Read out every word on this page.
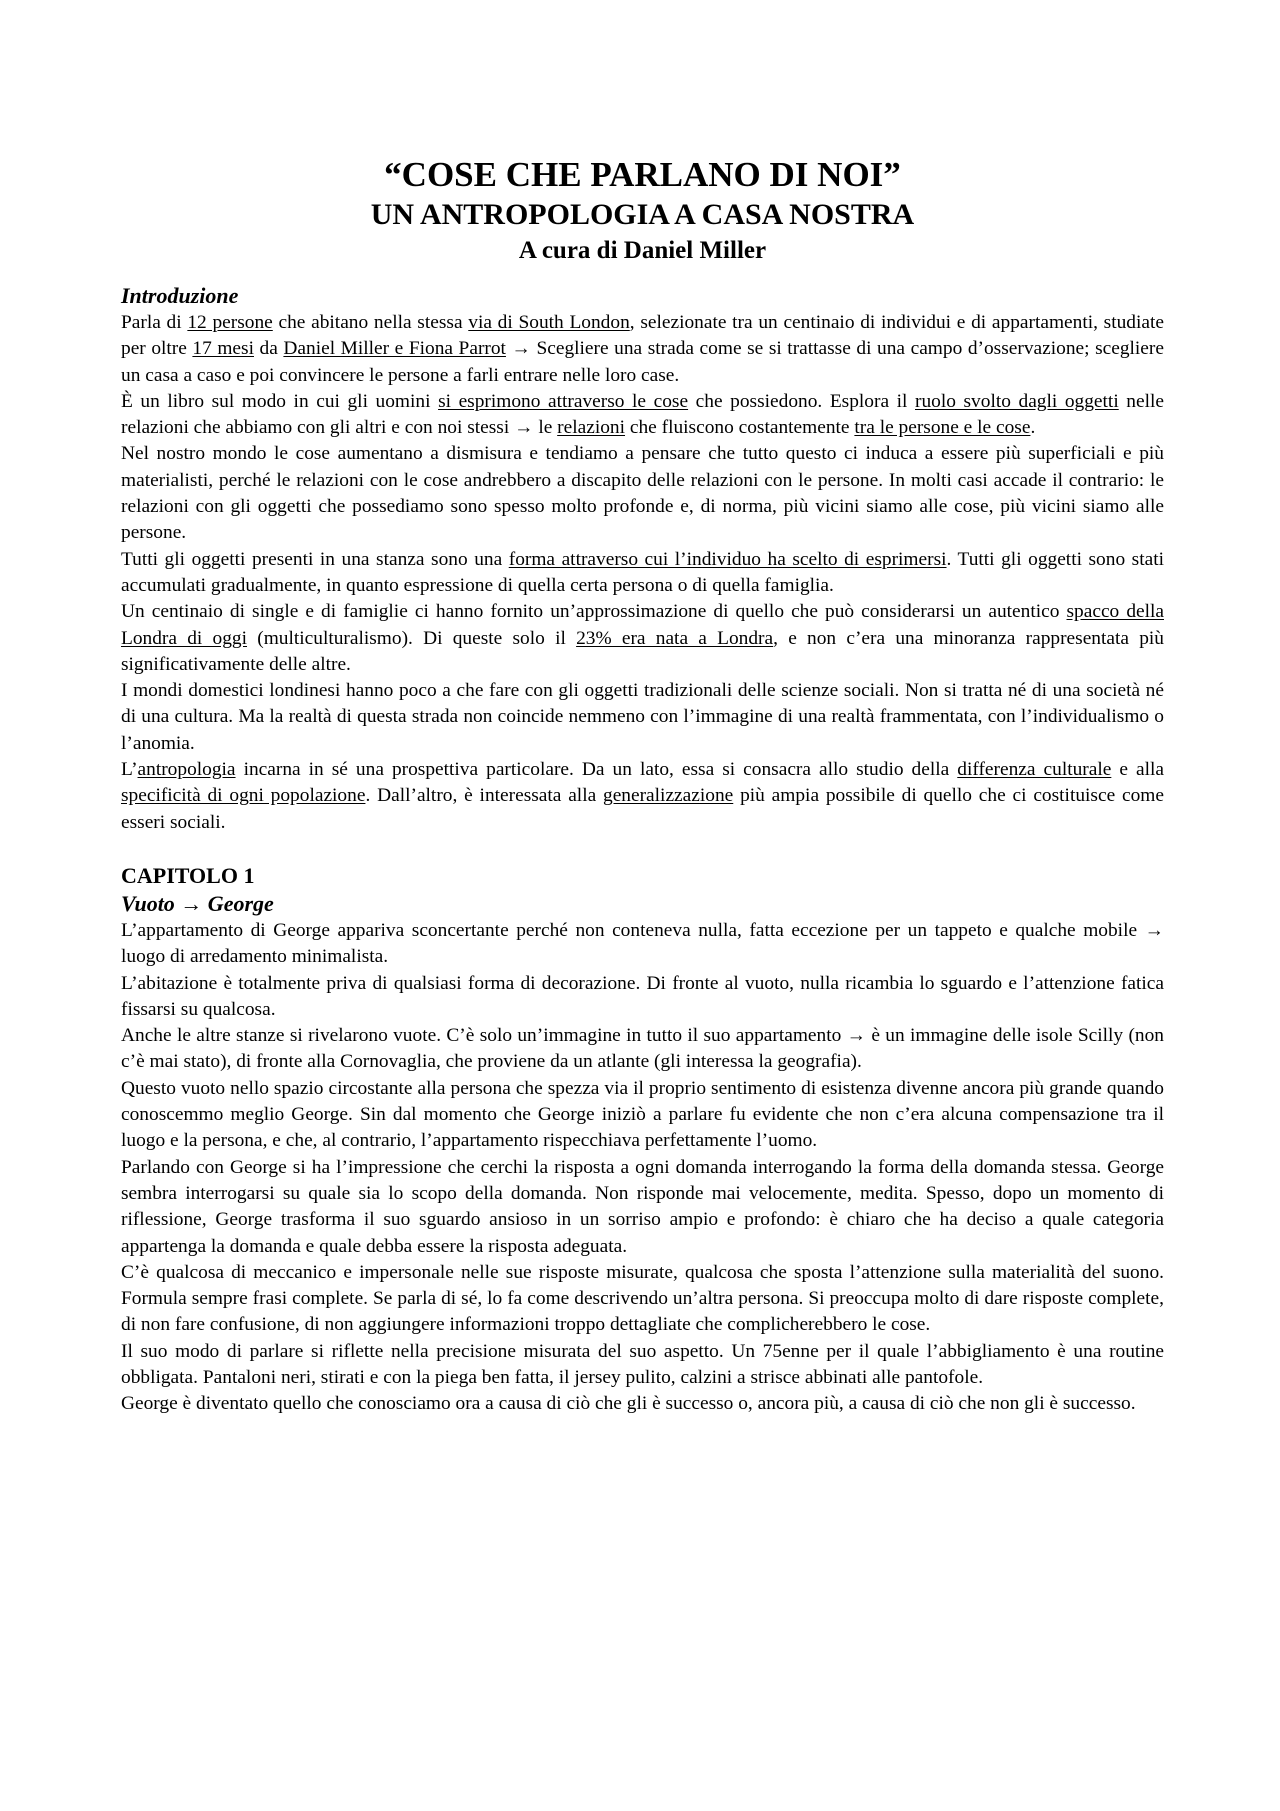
“COSE CHE PARLANO DI NOI”
UN ANTROPOLOGIA A CASA NOSTRA
A cura di Daniel Miller
Introduzione

Parla di 12 persone che abitano nella stessa via di South London, selezionate tra un centinaio di individui e di appartamenti, studiate per oltre 17 mesi da Daniel Miller e Fiona Parrot → Scegliere una strada come se si trattasse di una campo d’osservazione; scegliere un casa a caso e poi convincere le persone a farli entrare nelle loro case.

È un libro sul modo in cui gli uomini si esprimono attraverso le cose che possiedono. Esplora il ruolo svolto dagli oggetti nelle relazioni che abbiamo con gli altri e con noi stessi → le relazioni che fluiscono costantemente tra le persone e le cose.

Nel nostro mondo le cose aumentano a dismisura e tendiamo a pensare che tutto questo ci induca a essere più superficiali e più materialisti, perché le relazioni con le cose andrebbero a discapito delle relazioni con le persone. In molti casi accade il contrario: le relazioni con gli oggetti che possediamo sono spesso molto profonde e, di norma, più vicini siamo alle cose, più vicini siamo alle persone.

Tutti gli oggetti presenti in una stanza sono una forma attraverso cui l’individuo ha scelto di esprimersi. Tutti gli oggetti sono stati accumulati gradualmente, in quanto espressione di quella certa persona o di quella famiglia.

Un centinaio di single e di famiglie ci hanno fornito un’approssimazione di quello che può considerarsi un autentico spacco della Londra di oggi (multiculturalismo). Di queste solo il 23% era nata a Londra, e non c’era una minoranza rappresentata più significativamente delle altre.

I mondi domestici londinesi hanno poco a che fare con gli oggetti tradizionali delle scienze sociali. Non si tratta né di una società né di una cultura. Ma la realtà di questa strada non coincide nemmeno con l’immagine di una realtà frammentata, con l’individualismo o l’anomia.

L’antropologia incarna in sé una prospettiva particolare. Da un lato, essa si consacra allo studio della differenza culturale e alla specificità di ogni popolazione. Dall’altro, è interessata alla generalizzazione più ampia possibile di quello che ci costituisce come esseri sociali.

CAPITOLO 1
Vuoto → George

L’appartamento di George appariva sconcertante perché non conteneva nulla, fatta eccezione per un tappeto e qualche mobile → luogo di arredamento minimalista.

L’abitazione è totalmente priva di qualsiasi forma di decorazione. Di fronte al vuoto, nulla ricambia lo sguardo e l’attenzione fatica fissarsi su qualcosa.

Anche le altre stanze si rivelarono vuote. C’è solo un’immagine in tutto il suo appartamento → è un immagine delle isole Scilly (non c’è mai stato), di fronte alla Cornovaglia, che proviene da un atlante (gli interessa la geografia).

Questo vuoto nello spazio circostante alla persona che spezza via il proprio sentimento di esistenza divenne ancora più grande quando conoscemmo meglio George. Sin dal momento che George iniziò a parlare fu evidente che non c’era alcuna compensazione tra il luogo e la persona, e che, al contrario, l’appartamento rispecchiava perfettamente l’uomo.

Parlando con George si ha l’impressione che cerchi la risposta a ogni domanda interrogando la forma della domanda stessa. George sembra interrogarsi su quale sia lo scopo della domanda. Non risponde mai velocemente, medita. Spesso, dopo un momento di riflessione, George trasforma il suo sguardo ansioso in un sorriso ampio e profondo: è chiaro che ha deciso a quale categoria appartenga la domanda e quale debba essere la risposta adeguata.

C’è qualcosa di meccanico e impersonale nelle sue risposte misurate, qualcosa che sposta l’attenzione sulla materialità del suono. Formula sempre frasi complete. Se parla di sé, lo fa come descrivendo un’altra persona. Si preoccupa molto di dare risposte complete, di non fare confusione, di non aggiungere informazioni troppo dettagliate che complicherebbero le cose.

Il suo modo di parlare si riflette nella precisione misurata del suo aspetto. Un 75enne per il quale l’abbigliamento è una routine obbligata. Pantaloni neri, stirati e con la piega ben fatta, il jersey pulito, calzini a strisce abbinati alle pantofole.

George è diventato quello che conosciamo ora a causa di ciò che gli è successo o, ancora più, a causa di ciò che non gli è successo.
